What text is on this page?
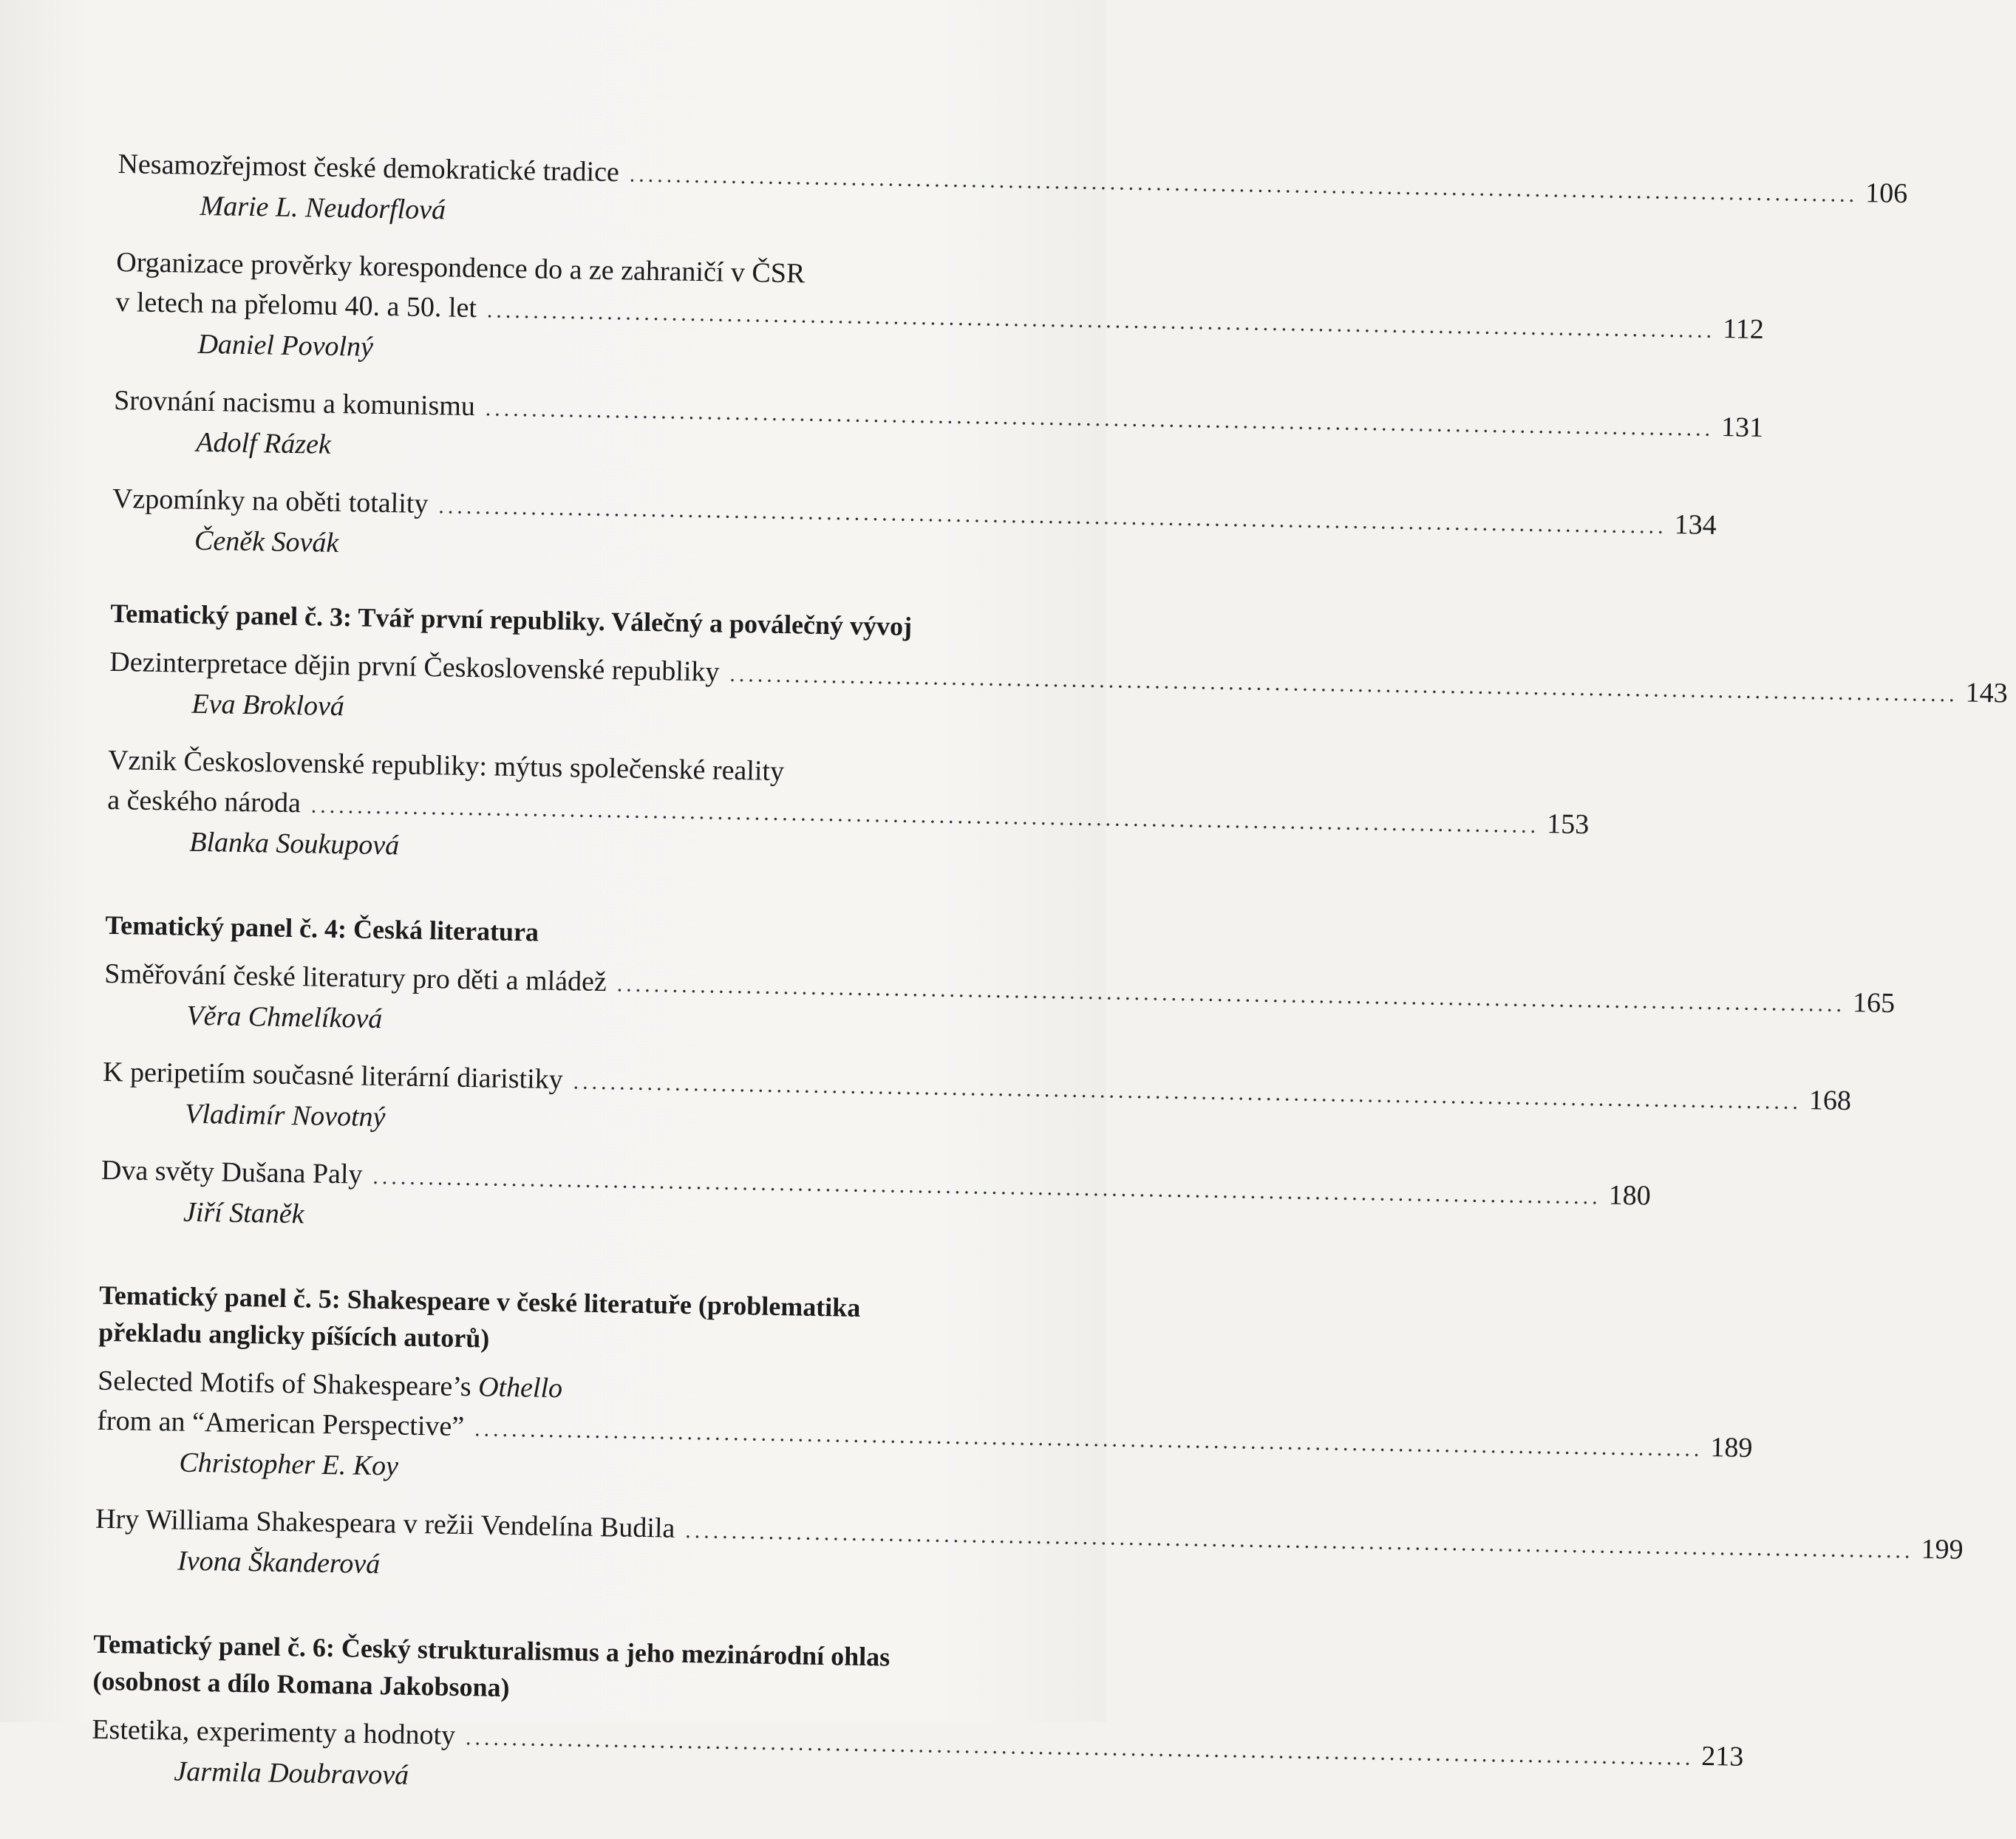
Nesamozřejmost české demokratické tradice ..................................................................................................................................... 106
Marie L. Neudorflová
Organizace prověrky korespondence do a ze zahraničí v ČSR
v letech na přelomu 40. a 50. let ..................................................................................................................................... 112
Daniel Povolný
Srovnání nacismu a komunismu ..................................................................................................................................... 131
Adolf Rázek
Vzpomínky na oběti totality ..................................................................................................................................... 134
Čeněk Sovák
Tematický panel č. 3: Tvář první republiky. Válečný a poválečný vývoj
Dezinterpretace dějin první Československé republiky ..................................................................................................................................... 143
Eva Broklová
Vznik Československé republiky: mýtus společenské reality
a českého národa ..................................................................................................................................... 153
Blanka Soukupová
Tematický panel č. 4: Česká literatura
Směřování české literatury pro děti a mládež ..................................................................................................................................... 165
Věra Chmelíková
K peripetiím současné literární diaristiky ..................................................................................................................................... 168
Vladimír Novotný
Dva světy Dušana Paly ..................................................................................................................................... 180
Jiří Staněk
Tematický panel č. 5: Shakespeare v české literatuře (problematika
překladu anglicky píšících autorů)
Selected Motifs of Shakespeare’s Othello
from an “American Perspective” ..................................................................................................................................... 189
Christopher E. Koy
Hry Williama Shakespeara v režii Vendelína Budila ..................................................................................................................................... 199
Ivona Škanderová
Tematický panel č. 6: Český strukturalismus a jeho mezinárodní ohlas
(osobnost a dílo Romana Jakobsona)
Estetika, experimenty a hodnoty ..................................................................................................................................... 213
Jarmila Doubravová
